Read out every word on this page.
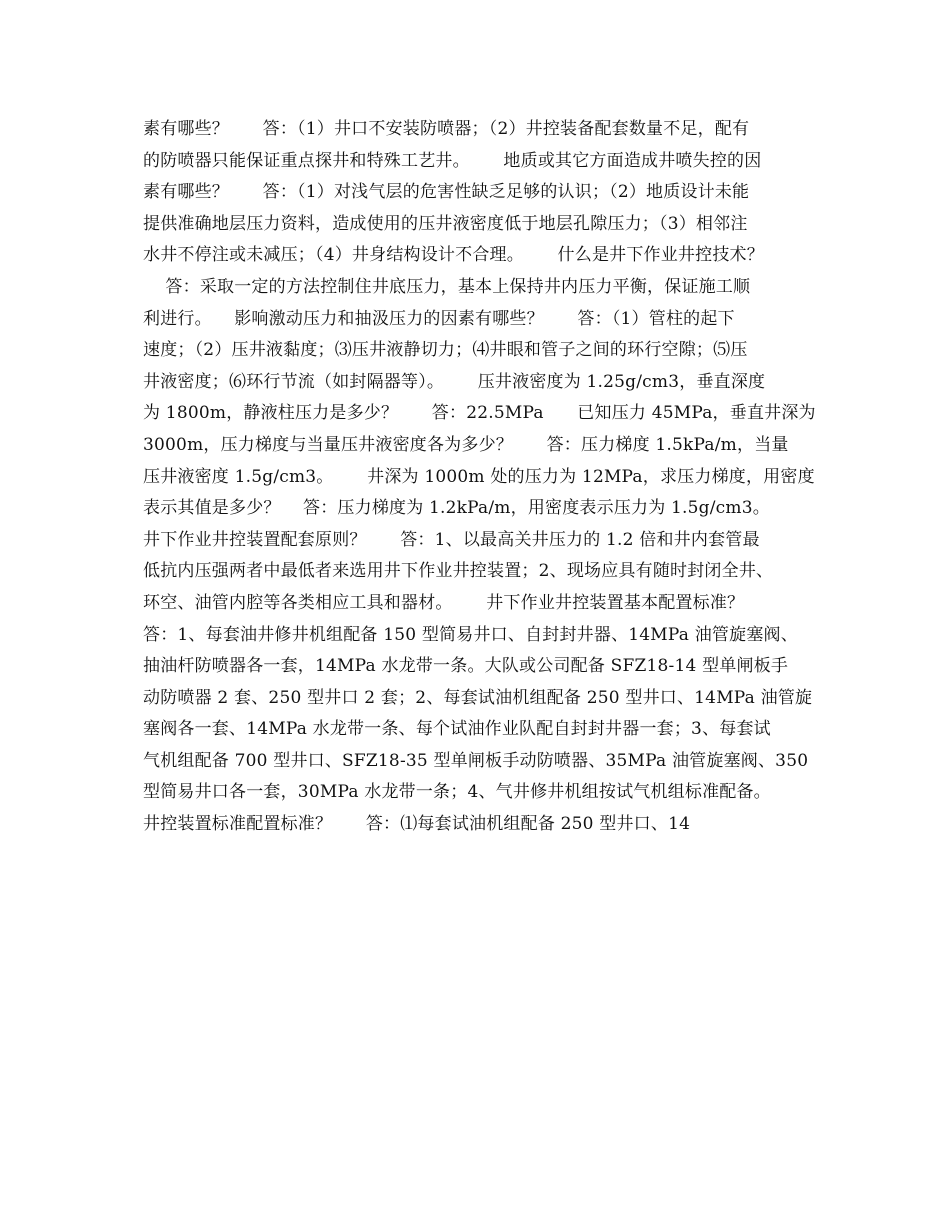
素有哪些？      答：（1）井口不安装防喷器；（2）井控装备配套数量不足，配有
的防喷器只能保证重点探井和特殊工艺井。      地质或其它方面造成井喷失控的因
素有哪些？      答：（1）对浅气层的危害性缺乏足够的认识；（2）地质设计未能
提供准确地层压力资料，造成使用的压井液密度低于地层孔隙压力；（3）相邻注
水井不停注或未减压；（4）井身结构设计不合理。      什么是井下作业井控技术？
答：采取一定的方法控制住井底压力，基本上保持井内压力平衡，保证施工顺
利进行。    影响激动压力和抽汲压力的因素有哪些？      答：（1）管柱的起下
速度；（2）压井液黏度；⑶压井液静切力；⑷井眼和管子之间的环行空隙；⑸压
井液密度；⑹环行节流（如封隔器等）。      压井液密度为 1.25g/cm3，垂直深度
为 1800m，静液柱压力是多少？      答：22.5MPa      已知压力 45MPa，垂直井深为
3000m，压力梯度与当量压井液密度各为多少？      答：压力梯度 1.5kPa/m，当量
压井液密度 1.5g/cm3。      井深为 1000m 处的压力为 12MPa，求压力梯度，用密度
表示其值是多少？    答：压力梯度为 1.2kPa/m，用密度表示压力为 1.5g/cm3。
井下作业井控装置配套原则？      答：1、以最高关井压力的 1.2 倍和井内套管最
低抗内压强两者中最低者来选用井下作业井控装置；2、现场应具有随时封闭全井、
环空、油管内腔等各类相应工具和器材。      井下作业井控装置基本配置标准？
答：1、每套油井修井机组配备 150 型简易井口、自封封井器、14MPa 油管旋塞阀、
抽油杆防喷器各一套，14MPa 水龙带一条。大队或公司配备 SFZ18-14 型单闸板手
动防喷器 2 套、250 型井口 2 套；2、每套试油机组配备 250 型井口、14MPa 油管旋
塞阀各一套、14MPa 水龙带一条、每个试油作业队配自封封井器一套；3、每套试
气机组配备 700 型井口、SFZ18-35 型单闸板手动防喷器、35MPa 油管旋塞阀、350
型简易井口各一套，30MPa 水龙带一条；4、气井修井机组按试气机组标准配备。
井控装置标准配置标准？      答：⑴每套试油机组配备 250 型井口、14
